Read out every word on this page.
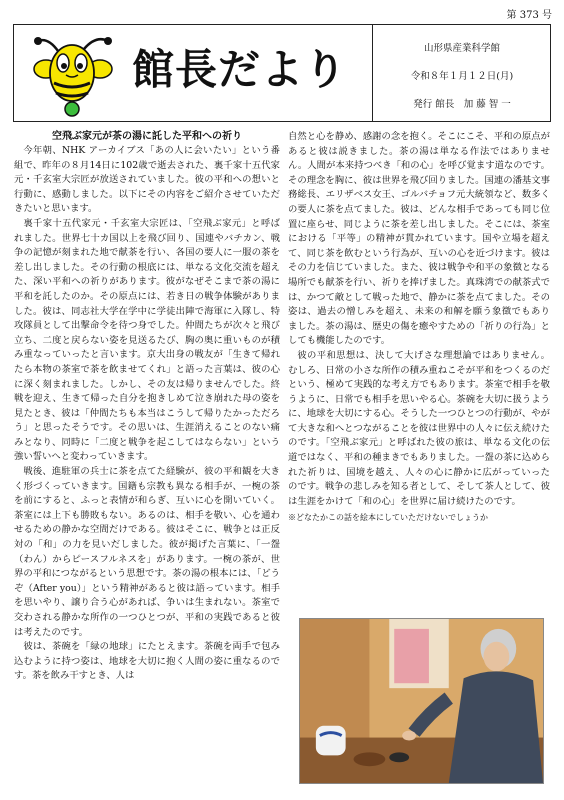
第 373 号
館長だより	山形県産業科学館
令和８年１月１２日(月)
発行 館長　加 藤 智 一
空飛ぶ家元が茶の湯に託した平和への祈り

今年朝、NHK アーカイブス「あの人に会いたい」という番組で、昨年の８月14日に102歳で逝去された、裏千家十五代家元・千玄室大宗匠が放送されていました。彼の平和への想いと行動に、感動しました。以下にその内容をご紹介させていただきたいと思います。

裏千家十五代家元・千玄室大宗匠は、「空飛ぶ家元」と呼ばれました。世界七十カ国以上を飛び回り、国連やバチカン、戦争の記憶が刻まれた地で献茶を行い、各国の要人に一服の茶を差し出しました。その行動の根底には、単なる文化交流を超えた、深い平和への祈りがあります。彼がなぜそこまで茶の湯に平和を託したのか。その原点には、若き日の戦争体験がありました。彼は、同志社大学在学中に学徒出陣で海軍に入隊し、特攻隊員として出撃命令を待つ身でした。仲間たちが次々と飛び立ち、二度と戻らない姿を見送るたび、胸の奥に重いものが積み重なっていったと言います。京大出身の戦友が「生きて帰れたら本物の茶室で茶を飲ませてくれ」と語った言葉は、彼の心に深く刻まれました。しかし、その友は帰りませんでした。終戦を迎え、生きて帰った自分を抱きしめて泣き崩れた母の姿を見たとき、彼は「仲間たちも本当はこうして帰りたかっただろう」と思ったそうです。その思いは、生涯消えることのない痛みとなり、同時に「二度と戦争を起こしてはならない」という強い誓いへと変わっていきます。

戦後、進駐軍の兵士に茶を点てた経験が、彼の平和観を大きく形づくっていきます。国籍も宗教も異なる相手が、一椀の茶を前にすると、ふっと表情が和らぎ、互いに心を開いていく。茶室には上下も勝敗もない。あるのは、相手を敬い、心を通わせるための静かな空間だけである。彼はそこに、戦争とは正反対の「和」の力を見いだしました。彼が掲げた言葉に、「一盌（わん）からピースフルネスを」があります。一椀の茶が、世界の平和につながるという思想です。茶の湯の根本には、「どうぞ（After you）」という精神があると彼は語っています。相手を思いやり、譲り合う心があれば、争いは生まれない。茶室で交わされる静かな所作の一つひとつが、平和の実践であると彼は考えたのです。

彼は、茶碗を「緑の地球」にたとえます。茶碗を両手で包み込むように持つ姿は、地球を大切に抱く人間の姿に重なるのです。茶を飲み干すとき、人は

自然と心を静め、感謝の念を抱く。そこにこそ、平和の原点があると彼は説きました。茶の湯は単なる作法ではありません。人間が本来持つべき「和の心」を呼び覚ます道なのです。その理念を胸に、彼は世界を飛び回りました。国連の潘基文事務総長、エリザベス女王、ゴルバチョフ元大統領など、数多くの要人に茶を点てました。彼は、どんな相手であっても同じ位置に座らせ、同じように茶を差し出しました。そこには、茶室における「平等」の精神が貫かれています。国や立場を超えて、同じ茶を飲むという行為が、互いの心を近づけます。彼はその力を信じていました。また、彼は戦争や和平の象徴となる場所でも献茶を行い、祈りを捧げました。真珠湾での献茶式では、かつて敵として戦った地で、静かに茶を点てました。その姿は、過去の憎しみを超え、未来の和解を願う象徴でもありました。茶の湯は、歴史の傷を癒やすための「祈りの行為」としても機能したのです。

彼の平和思想は、決して大げさな理想論ではありません。むしろ、日常の小さな所作の積み重ねこそが平和をつくるのだという、極めて実践的な考え方でもあります。茶室で相手を敬うように、日常でも相手を思いやる心。茶碗を大切に扱うように、地球を大切にする心。そうした一つひとつの行動が、やがて大きな和へとつながることを彼は世界中の人々に伝え続けたのです。「空飛ぶ家元」と呼ばれた彼の旅は、単なる文化の伝道ではなく、平和の種まきでもありました。一盌の茶に込められた祈りは、国境を越え、人々の心に静かに広がっていったのです。戦争の悲しみを知る者として、そして茶人として、彼は生涯をかけて「和の心」を世界に届け続けたのです。

※どなたかこの話を絵本にしていただけないでしょうか
